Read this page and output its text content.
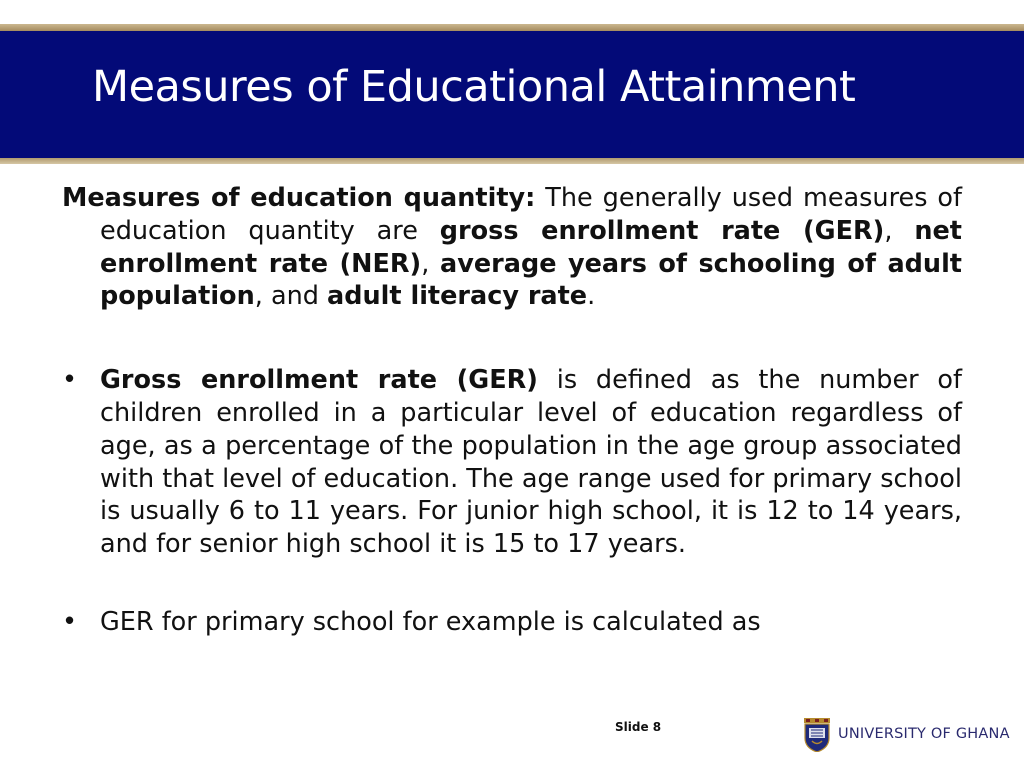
Measures of Educational Attainment

Measures of education quantity: The generally used measures of education quantity are gross enrollment rate (GER), net enrollment rate (NER), average years of schooling of adult population, and adult literacy rate.

• Gross enrollment rate (GER) is defined as the number of children enrolled in a particular level of education regardless of age, as a percentage of the population in the age group associated with that level of education. The age range used for primary school is usually 6 to 11 years. For junior high school, it is 12 to 14 years, and for senior high school it is 15 to 17 years.

• GER for primary school for example is calculated as

Slide 8	UNIVERSITY OF GHANA
